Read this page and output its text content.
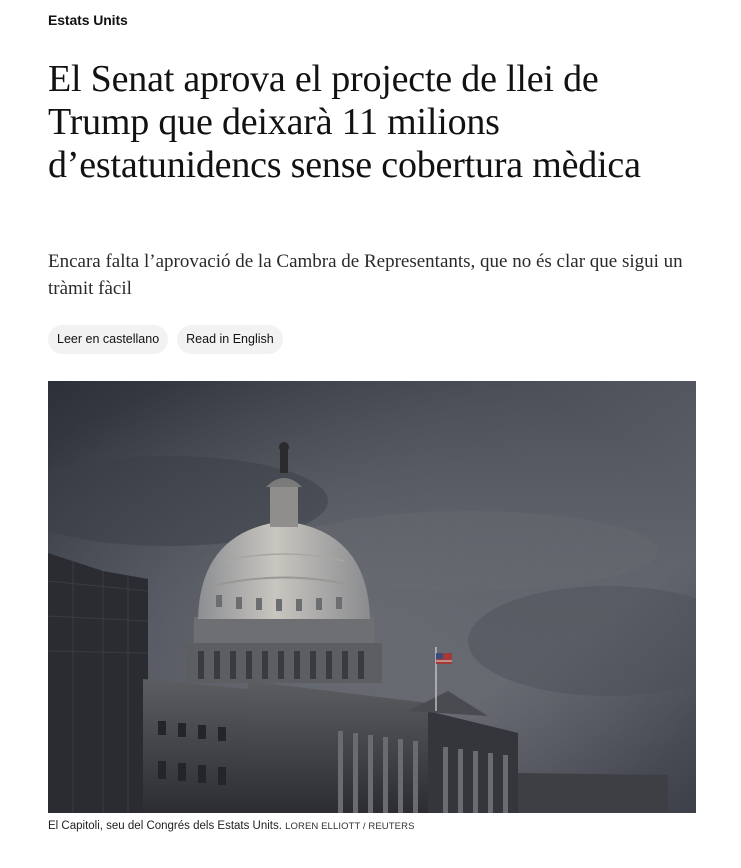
Estats Units
El Senat aprova el projecte de llei de Trump que deixarà 11 milions d’estatunidencs sense cobertura mèdica

Encara falta l’aprovació de la Cambra de Representants, que no és clar que sigui un tràmit fàcil

Leer en castellano	Read in English
El Capitoli, seu del Congrés dels Estats Units. LOREN ELLIOTT / REUTERS
